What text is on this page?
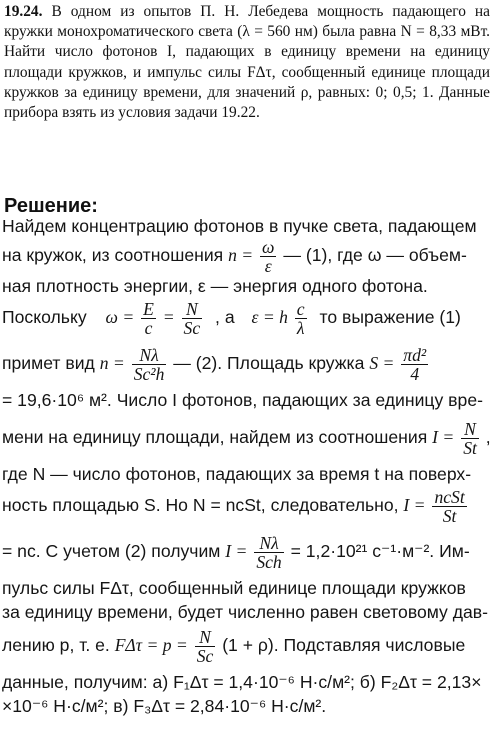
19.24. В одном из опытов П. Н. Лебедева мощность падающего на кружки монохроматического света (λ = 560 нм) была равна N = 8,33 мВт. Найти число фотонов I, падающих в единицу времени на единицу площади кружков, и импульс силы FΔτ, сообщенный единице площади кружков за единицу времени, для значений ρ, равных: 0; 0,5; 1. Данные прибора взять из условия задачи 19.22.
Решение:
Найдем концентрацию фотонов в пучке света, падающем
на кружок, из соотношения $n = \frac{\omega}{\varepsilon}$ — (1), где ω — объем-
ная плотность энергии, ε — энергия одного фотона.
Поскольку $\omega = \frac{E}{c} = \frac{N}{Sc}$ , а ε = h $\frac{c}{\lambda}$ то выражение (1)
примет вид $n = \frac{N\lambda}{\text{Sc²h}}$ — (2). Площадь кружка $S = \frac{\text{πd²}}{4}$
= 19,6·10⁶ м². Число I фотонов, падающих за единицу вре-
мени на единицу площади, найдем из соотношения $I = \frac{N}{St}$ ,
где N — число фотонов, падающих за время t на поверх-
ность площадью S. Но N = ncSt, следовательно, $I = \frac{\text{ncSt}}{St}$
= nc. С учетом (2) получим $I = \frac{N\lambda}{\text{Sch}} = 1,2\cdot 10^{21}$ с⁻¹·м⁻². Им-
пульс силы FΔτ, сообщенный единице площади кружков
за единицу времени, будет численно равен световому дав-
лению p, т. е. $F\Delta\tau = p = \frac{N}{Sc} (1 + \rho)$. Подставляя числовые
данные, получим: а) F₁Δτ = 1,4·10⁻⁶ Н·с/м²; б) F₂Δτ = 2,13×
×10⁻⁶ Н·с/м²; в) F₃Δτ = 2,84·10⁻⁶ Н·с/м².
